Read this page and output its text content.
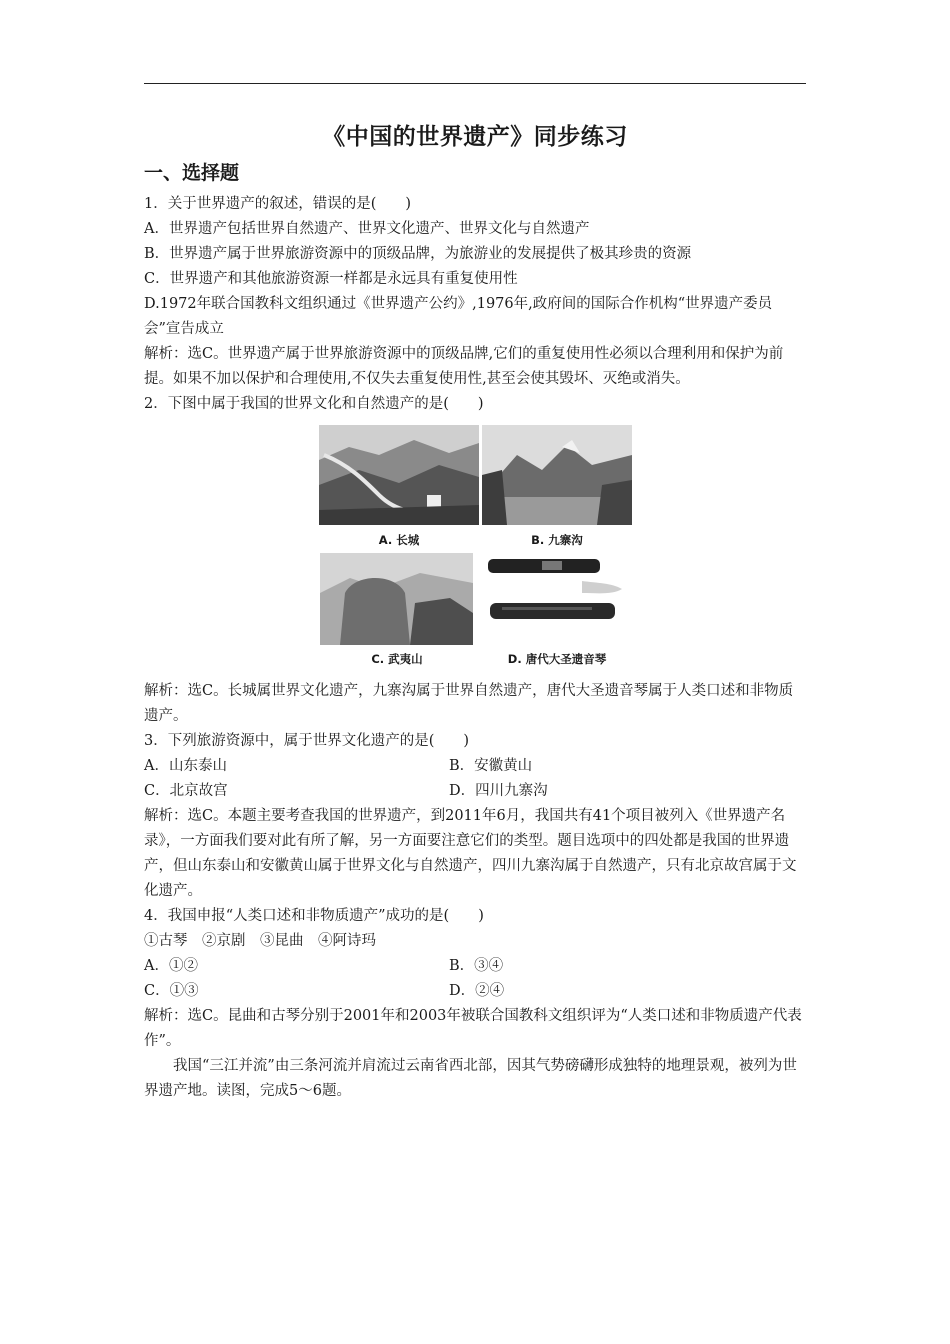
《中国的世界遗产》同步练习
一、选择题

1．关于世界遗产的叙述，错误的是(　　)

A．世界遗产包括世界自然遗产、世界文化遗产、世界文化与自然遗产

B．世界遗产属于世界旅游资源中的顶级品牌，为旅游业的发展提供了极其珍贵的资源

C．世界遗产和其他旅游资源一样都是永远具有重复使用性

D.1972年联合国教科文组织通过《世界遗产公约》,1976年,政府间的国际合作机构“世界遗产委员会”宣告成立

解析：选C。世界遗产属于世界旅游资源中的顶级品牌,它们的重复使用性必须以合理利用和保护为前提。如果不加以保护和合理使用,不仅失去重复使用性,甚至会使其毁坏、灭绝或消失。

2．下图中属于我国的世界文化和自然遗产的是(　　)

A. 长城	B. 九寨沟
C. 武夷山	D. 唐代大圣遗音琴

解析：选C。长城属世界文化遗产，九寨沟属于世界自然遗产，唐代大圣遗音琴属于人类口述和非物质遗产。

3．下列旅游资源中，属于世界文化遗产的是(　　)

A．山东泰山	B．安徽黄山
C．北京故宫	D．四川九寨沟

解析：选C。本题主要考查我国的世界遗产，到2011年6月，我国共有41个项目被列入《世界遗产名录》，一方面我们要对此有所了解，另一方面要注意它们的类型。题目选项中的四处都是我国的世界遗产，但山东泰山和安徽黄山属于世界文化与自然遗产，四川九寨沟属于自然遗产，只有北京故宫属于文化遗产。

4．我国申报“人类口述和非物质遗产”成功的是(　　)

①古琴　②京剧　③昆曲　④阿诗玛

A．①②	B．③④
C．①③	D．②④

解析：选C。昆曲和古琴分别于2001年和2003年被联合国教科文组织评为“人类口述和非物质遗产代表作”。

我国“三江并流”由三条河流并肩流过云南省西北部，因其气势磅礴形成独特的地理景观，被列为世界遗产地。读图，完成5～6题。
